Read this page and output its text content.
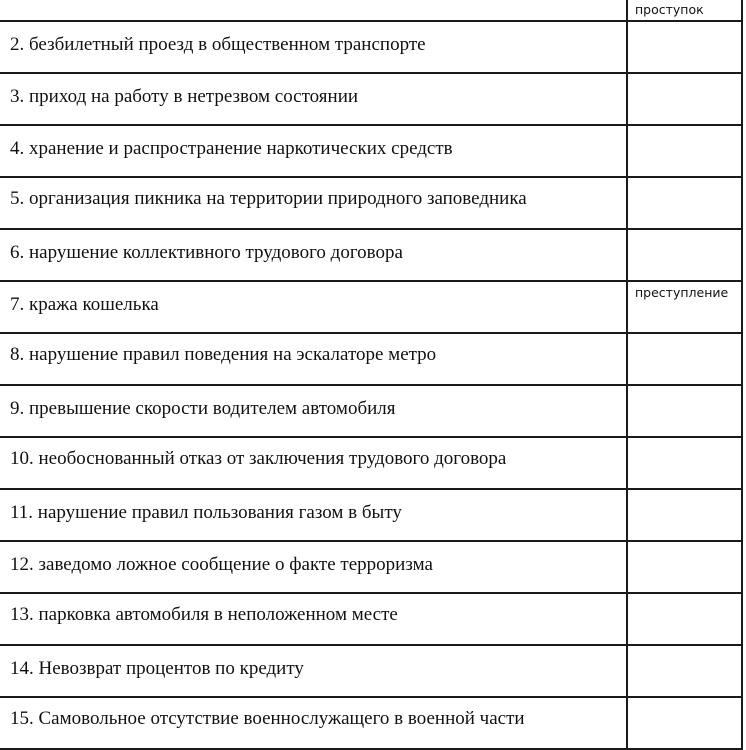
	проступок

2. безбилетный проезд в общественном транспорте	

3. приход на работу в нетрезвом состоянии	

4. хранение и распространение наркотических средств	

5. организация пикника на территории природного заповедника	

6. нарушение коллективного трудового договора	

7. кража кошелька	преступление

8. нарушение правил поведения на эскалаторе метро	

9. превышение скорости водителем автомобиля	

10. необоснованный отказ от заключения трудового договора	

11. нарушение правил пользования газом в быту	

12. заведомо ложное сообщение о факте терроризма	

13. парковка автомобиля в неположенном месте	

14. Невозврат процентов по кредиту	

15. Самовольное отсутствие военнослужащего в военной части	
